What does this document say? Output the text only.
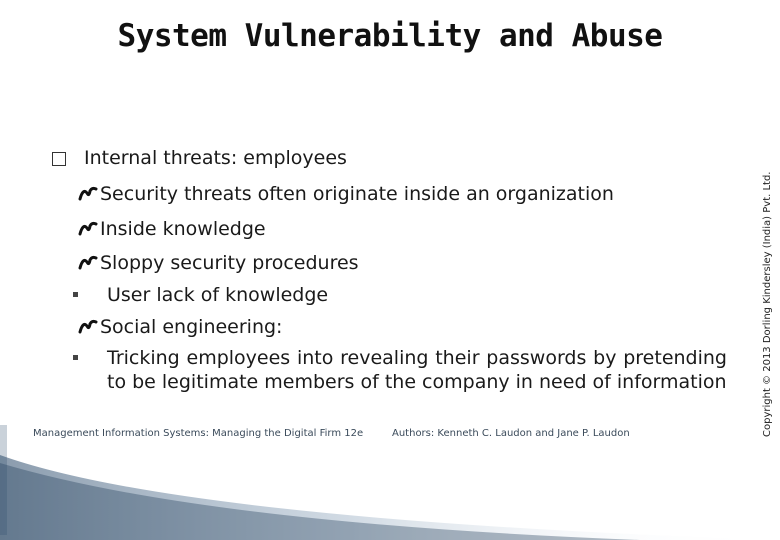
System Vulnerability and Abuse
Copyright © 2013 Dorling Kindersley (India) Pvt. Ltd.
Internal threats: employees
Security threats often originate inside an organization
Inside knowledge
Sloppy security procedures
User lack of knowledge
Social engineering:
Tricking employees into revealing their passwords by pretending to be legitimate members of the company in need of information
Management Information Systems: Managing the Digital Firm 12e	Authors: Kenneth C. Laudon and Jane P. Laudon
